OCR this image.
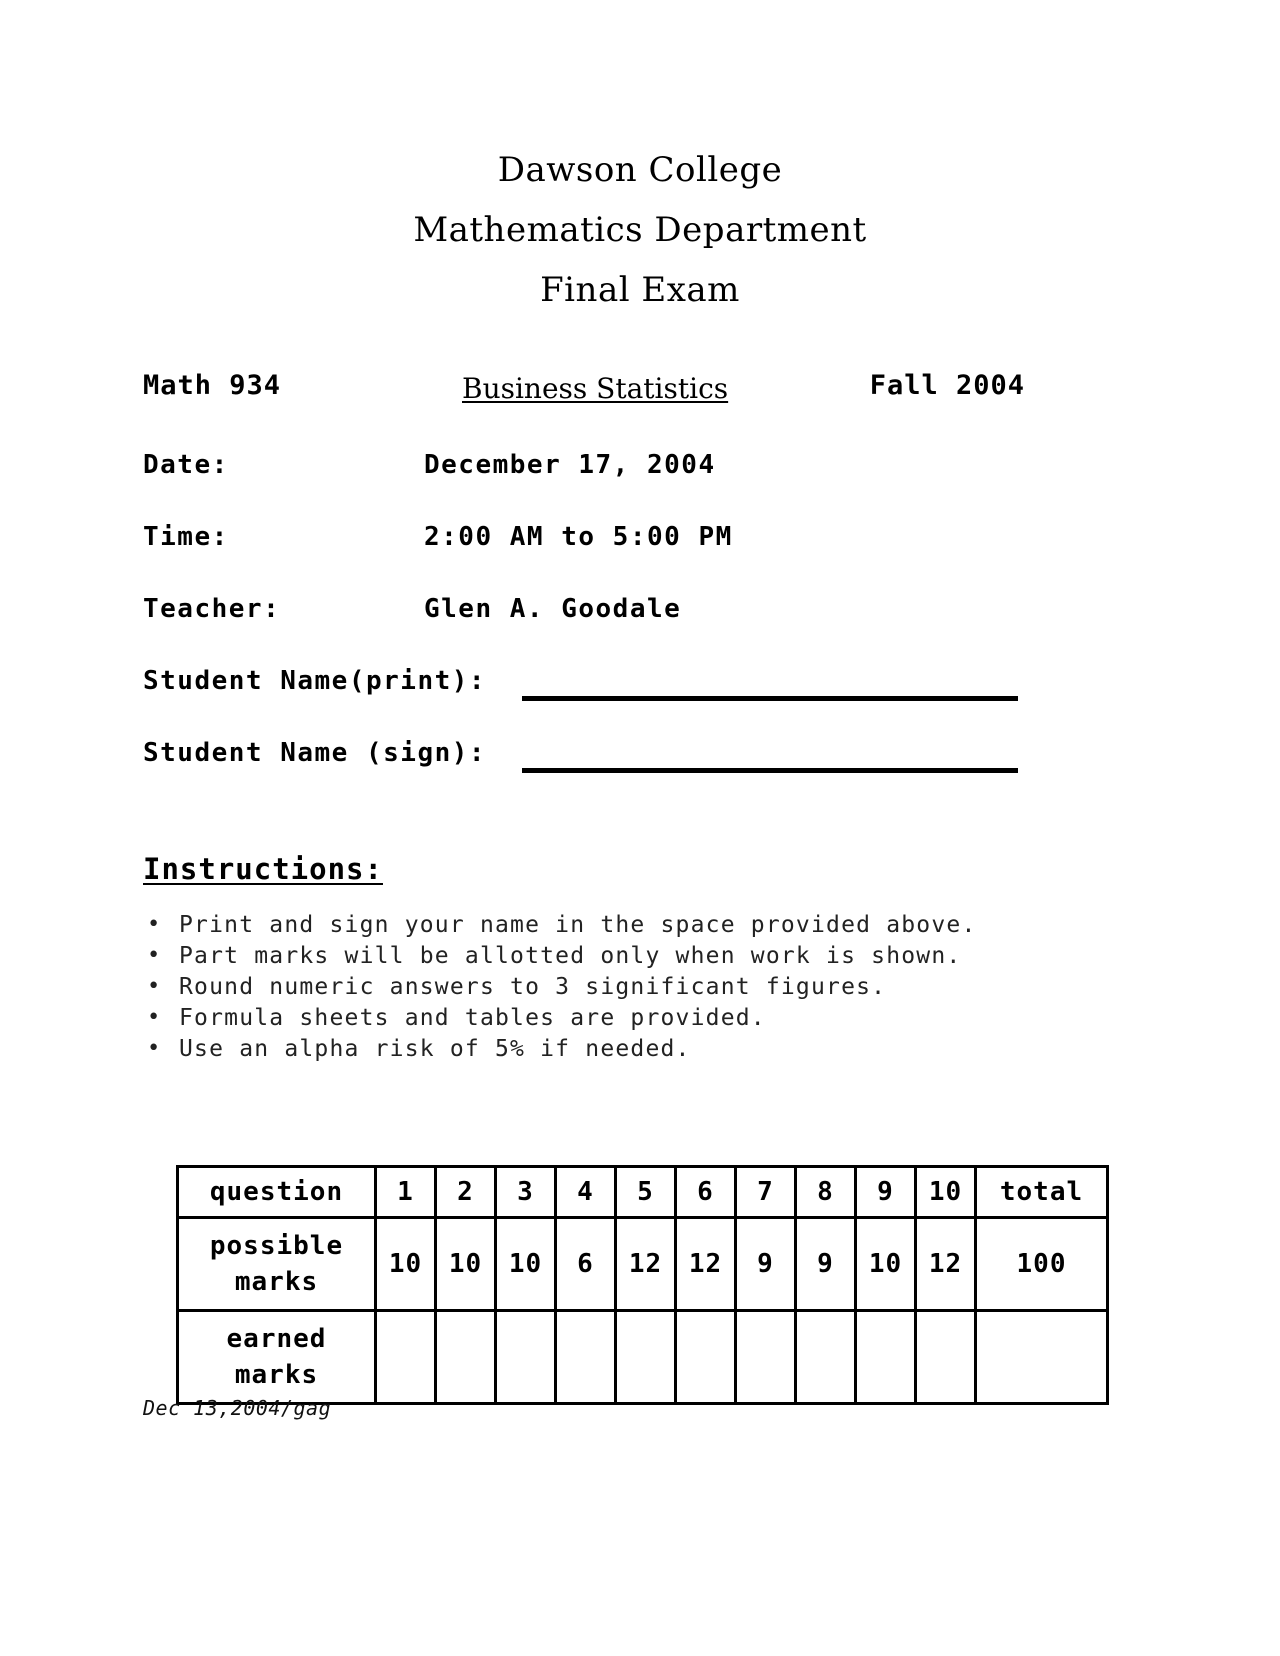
Dawson College
Mathematics Department
Final Exam
Math 934	Business Statistics	Fall 2004
Date:	December 17, 2004
Time:	2:00 AM to 5:00 PM
Teacher:	Glen A. Goodale
Student Name(print):
Student Name (sign):
Instructions:
• Print and sign your name in the space provided above.
• Part marks will be allotted only when work is shown.
• Round numeric answers to 3 significant figures.
• Formula sheets and tables are provided.
• Use an alpha risk of 5% if needed.
question	1	2	3	4	5	6	7	8	9	10	total
possible marks	10	10	10	6	12	12	9	9	10	12	100
earned marks											
Dec 13,2004/gag
